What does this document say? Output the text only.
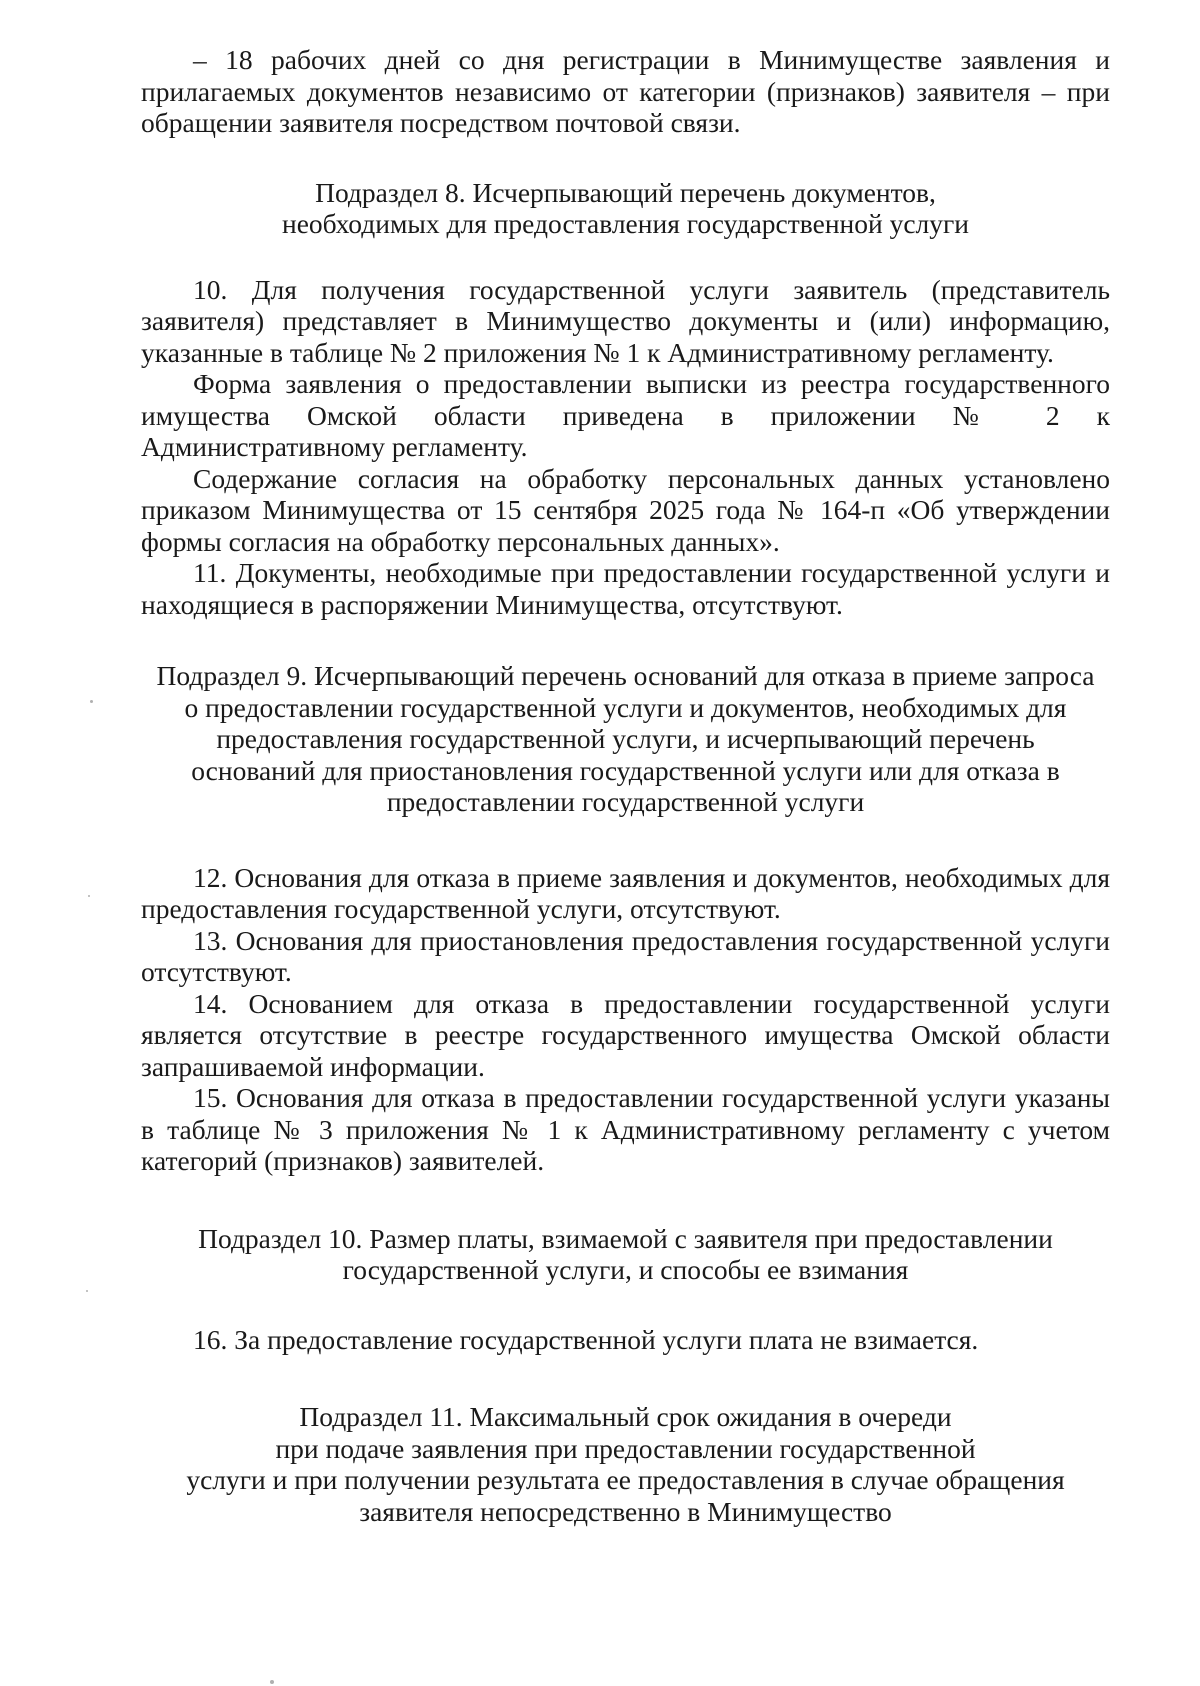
– 18 рабочих дней со дня регистрации в Минимуществе заявления и прилагаемых документов независимо от категории (признаков) заявителя – при обращении заявителя посредством почтовой связи.

Подраздел 8. Исчерпывающий перечень документов,
необходимых для предоставления государственной услуги

10. Для получения государственной услуги заявитель (представитель заявителя) представляет в Минимущество документы и (или) информацию, указанные в таблице № 2 приложения № 1 к Административному регламенту.

Форма заявления о предоставлении выписки из реестра государственного

имущества Омской области приведена в приложении № 2 к

Административному регламенту.

Содержание согласия на обработку персональных данных установлено приказом Минимущества от 15 сентября 2025 года № 164-п «Об утверждении формы согласия на обработку персональных данных».

11. Документы, необходимые при предоставлении государственной услуги и находящиеся в распоряжении Минимущества, отсутствуют.

Подраздел 9. Исчерпывающий перечень оснований для отказа в приеме запроса
о предоставлении государственной услуги и документов, необходимых для
предоставления государственной услуги, и исчерпывающий перечень
оснований для приостановления государственной услуги или для отказа в
предоставлении государственной услуги

12. Основания для отказа в приеме заявления и документов, необходимых для предоставления государственной услуги, отсутствуют.

13. Основания для приостановления предоставления государственной услуги отсутствуют.

14. Основанием для отказа в предоставлении государственной услуги является отсутствие в реестре государственного имущества Омской области запрашиваемой информации.

15. Основания для отказа в предоставлении государственной услуги указаны в таблице № 3 приложения № 1 к Административному регламенту с учетом категорий (признаков) заявителей.

Подраздел 10. Размер платы, взимаемой с заявителя при предоставлении
государственной услуги, и способы ее взимания

16. За предоставление государственной услуги плата не взимается.

Подраздел 11. Максимальный срок ожидания в очереди
при подаче заявления при предоставлении государственной
услуги и при получении результата ее предоставления в случае обращения
заявителя непосредственно в Минимущество
